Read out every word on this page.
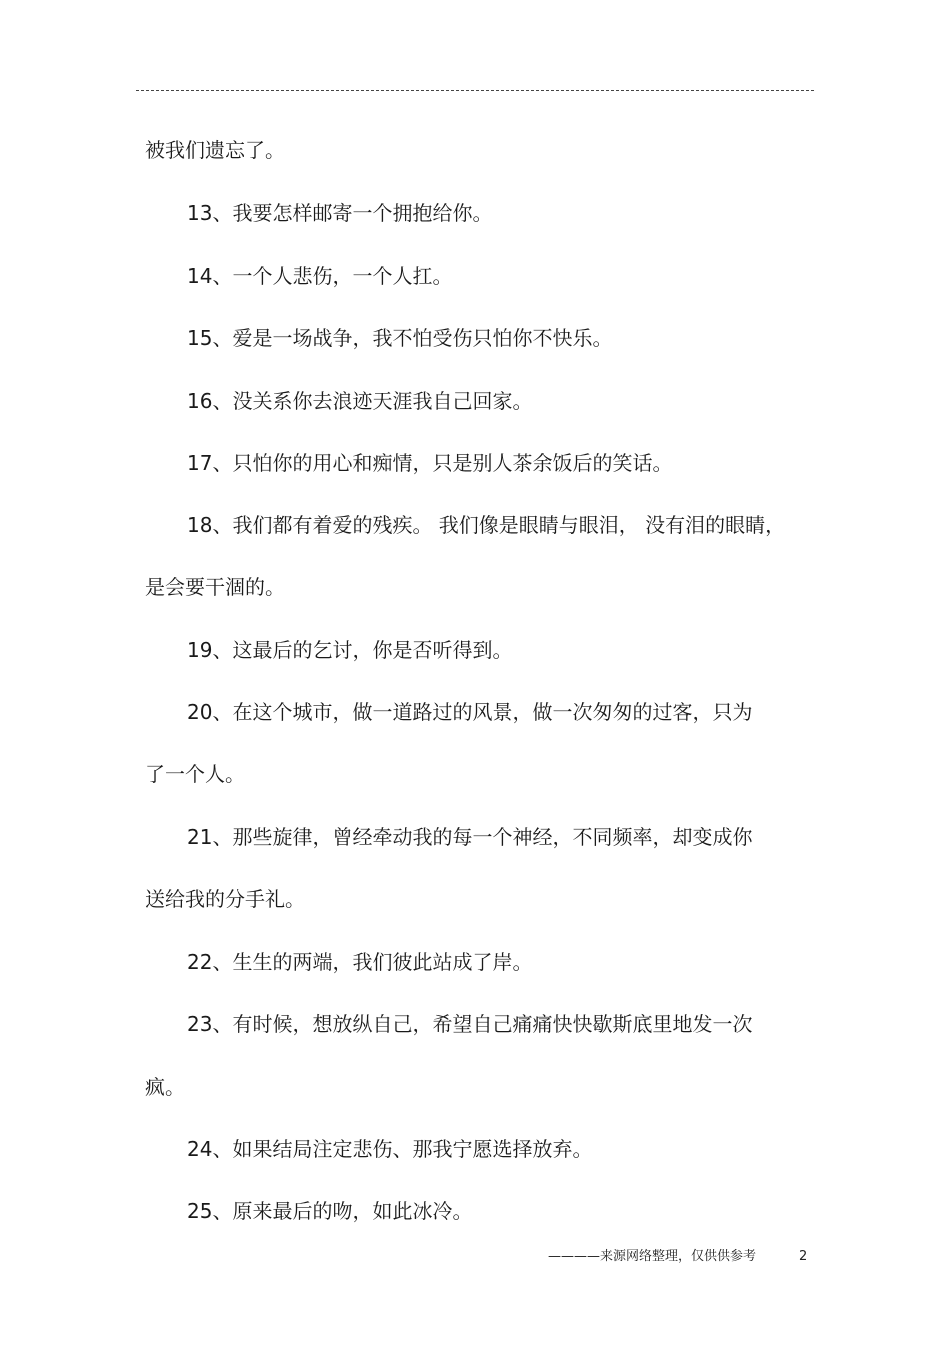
被我们遗忘了。
13、我要怎样邮寄一个拥抱给你。
14、一个人悲伤，一个人扛。
15、爱是一场战争，我不怕受伤只怕你不快乐。
16、没关系你去浪迹天涯我自己回家。
17、只怕你的用心和痴情，只是别人茶余饭后的笑话。
18、我们都有着爱的残疾。 我们像是眼睛与眼泪， 没有泪的眼睛，
是会要干涸的。
19、这最后的乞讨，你是否听得到。
20、在这个城市，做一道路过的风景，做一次匆匆的过客，只为
了一个人。
21、那些旋律，曾经牵动我的每一个神经，不同频率，却变成你
送给我的分手礼。
22、生生的两端，我们彼此站成了岸。
23、有时候，想放纵自己，希望自己痛痛快快歇斯底里地发一次
疯。
24、如果结局注定悲伤、那我宁愿选择放弃。
25、原来最后的吻，如此冰冷。
————来源网络整理，仅供供参考	2
